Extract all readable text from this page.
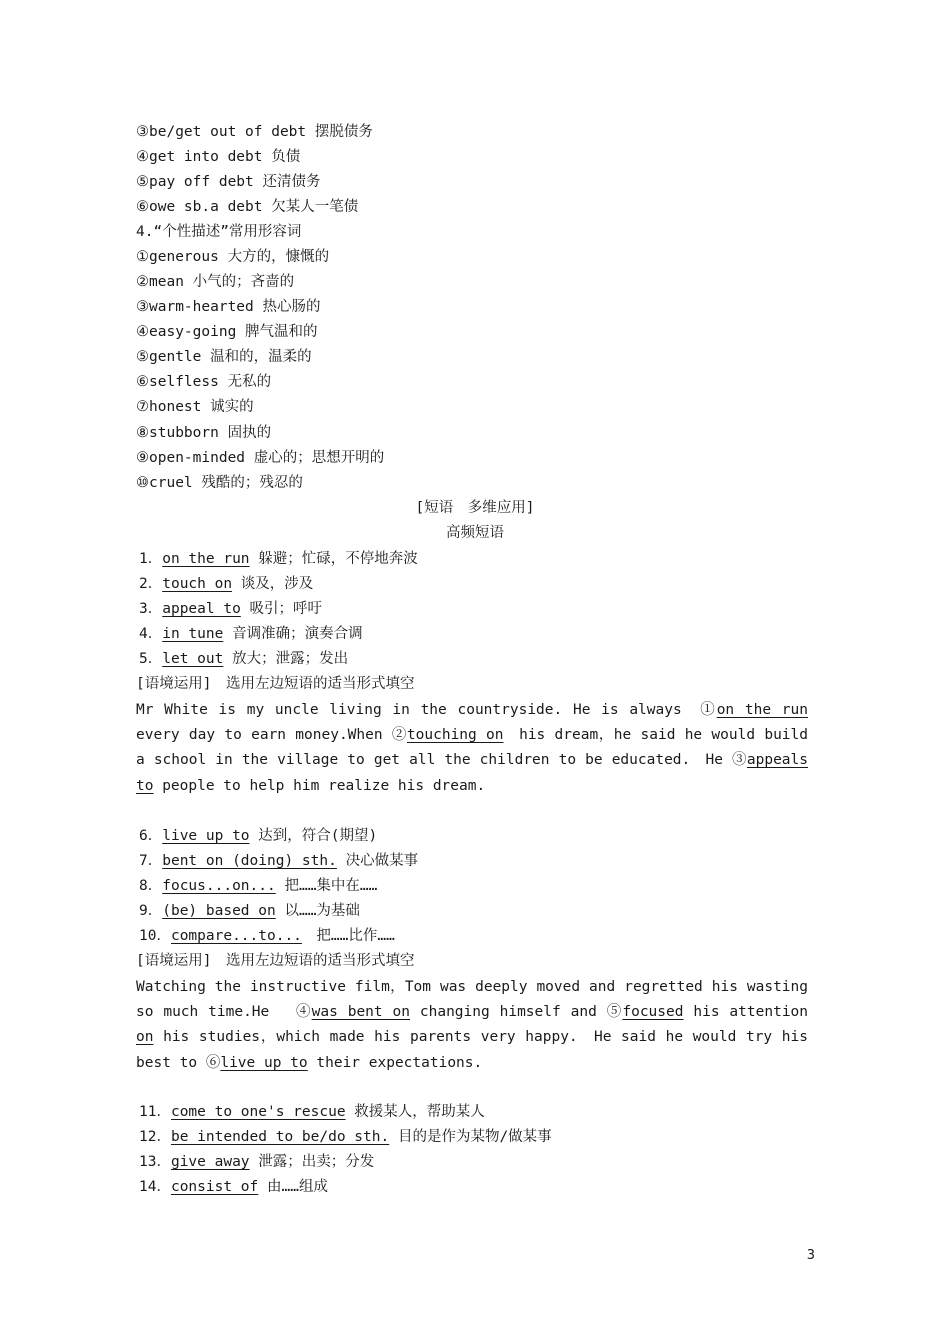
③be/get out of debt 摆脱债务
④get into debt 负债
⑤pay off debt 还清债务
⑥owe sb.a debt 欠某人一笔债
4.“个性描述”常用形容词
①generous 大方的，慷慨的
②mean 小气的；吝啬的
③warm-hearted 热心肠的
④easy-going 脾气温和的
⑤gentle 温和的，温柔的
⑥selfless 无私的
⑦honest 诚实的
⑧stubborn 固执的
⑨open-minded 虚心的；思想开明的
⑩cruel 残酷的；残忍的
[短语　多维应用]
高频短语
1．on the run 躲避；忙碌，不停地奔波
2．touch on 谈及，涉及
3．appeal to 吸引；呼吁
4．in tune 音调准确；演奏合调
5．let out 放大；泄露；发出
[语境运用]　选用左边短语的适当形式填空
Mr White is my uncle living in the countryside. He is always　①on the run every day to earn money.When ②touching on　his dream，he said he would build a school in the village to get all the children to be educated.　He ③appeals to people to help him realize his dream.
6．live up to 达到，符合(期望)
7．bent on (doing) sth. 决心做某事
8．focus...on... 把……集中在……
9．(be) based on 以……为基础
10．compare...to...　把……比作……
[语境运用]　选用左边短语的适当形式填空
Watching the instructive film，Tom was deeply moved and regretted his wasting so much time.He　 ④was bent on changing himself and ⑤focused his attention on his studies，which made his parents very happy.　He said he would try his best to ⑥live up to their expectations.
11．come to one's rescue 救援某人，帮助某人
12．be intended to be/do sth. 目的是作为某物/做某事
13．give away 泄露；出卖；分发
14．consist of 由……组成
3
